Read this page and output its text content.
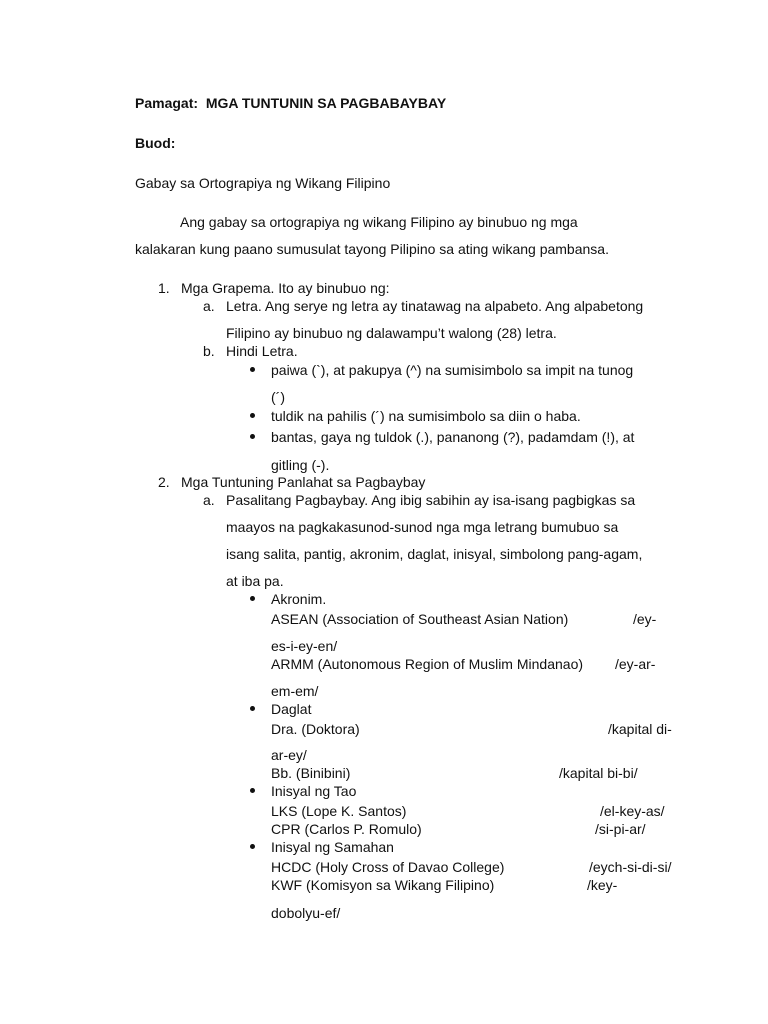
Pamagat: MGA TUNTUNIN SA PAGBABAYBAY
Buod:
Gabay sa Ortograpiya ng Wikang Filipino
Ang gabay sa ortograpiya ng wikang Filipino ay binubuo ng mga
kalakaran kung paano sumusulat tayong Pilipino sa ating wikang pambansa.
1. Mga Grapema. Ito ay binubuo ng:
a. Letra. Ang serye ng letra ay tinatawag na alpabeto. Ang alpabetong
Filipino ay binubuo ng dalawampu’t walong (28) letra.
b. Hindi Letra.
paiwa (`), at pakupya (^) na sumisimbolo sa impit na tunog
(´)
tuldik na pahilis (´) na sumisimbolo sa diin o haba.
bantas, gaya ng tuldok (.), pananong (?), padamdam (!), at
gitling (-).
2. Mga Tuntuning Panlahat sa Pagbaybay
a. Pasalitang Pagbaybay. Ang ibig sabihin ay isa-isang pagbigkas sa
maayos na pagkakasunod-sunod nga mga letrang bumubuo sa
isang salita, pantig, akronim, daglat, inisyal, simbolong pang-agam,
at iba pa.
Akronim.
ASEAN (Association of Southeast Asian Nation)	/ey-
es-i-ey-en/
ARMM (Autonomous Region of Muslim Mindanao) /ey-ar-
em-em/
Daglat
Dra. (Doktora)	/kapital di-
ar-ey/
Bb. (Binibini)	/kapital bi-bi/
Inisyal ng Tao
LKS (Lope K. Santos)	/el-key-as/
CPR (Carlos P. Romulo)	/si-pi-ar/
Inisyal ng Samahan
HCDC (Holy Cross of Davao College)	/eych-si-di-si/
KWF (Komisyon sa Wikang Filipino)	/key-
dobolyu-ef/
